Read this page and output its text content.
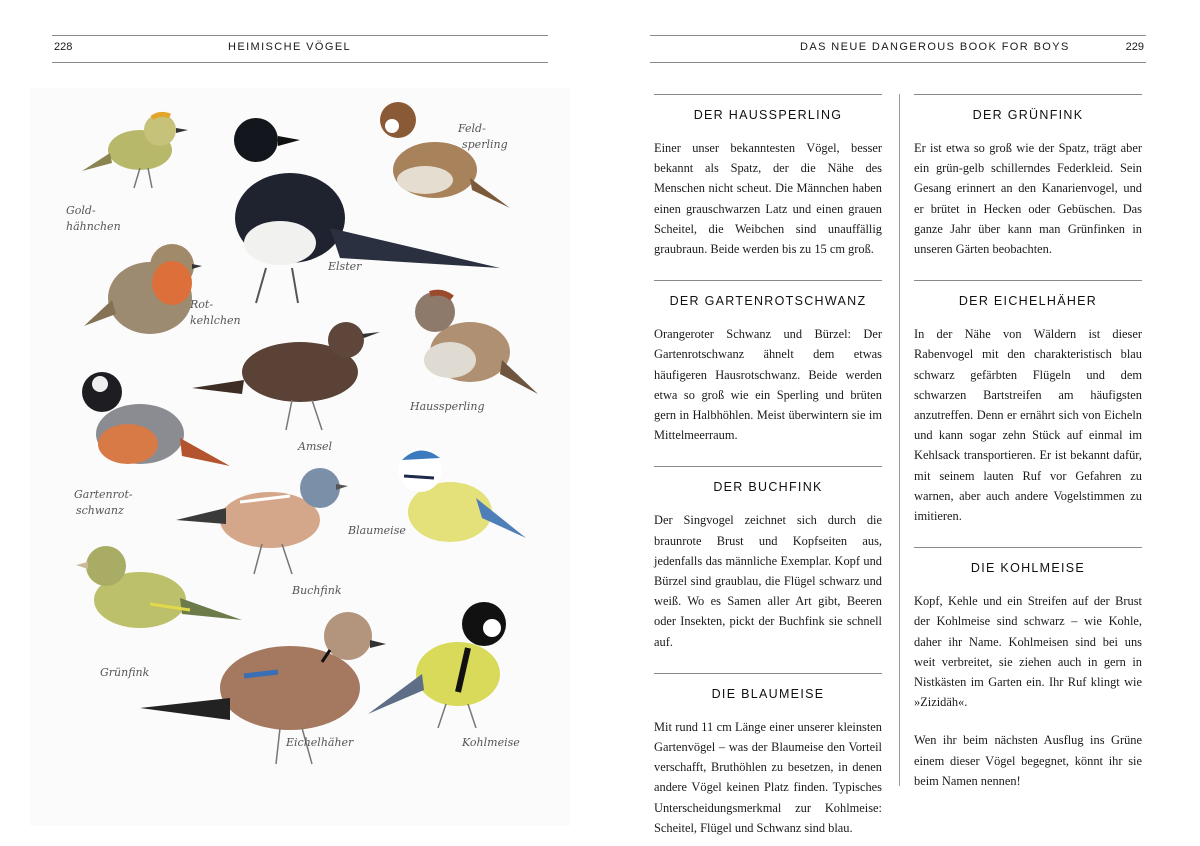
228	HEIMISCHE VÖGEL
Elster
Feld-
sperling
Gold-
hähnchen
Rot-
kehlchen
Amsel
Haussperling
Gartenrot-
schwanz
Buchfink
Blaumeise
Grünfink
Eichelhäher	Kohlmeise
DAS NEUE DANGEROUS BOOK FOR BOYS	229
DER HAUSSPERLING

Einer unser bekanntesten Vögel, besser bekannt als Spatz, der die Nähe des Menschen nicht scheut. Die Männchen haben einen grauschwarzen Latz und einen grauen Scheitel, die Weibchen sind unauffällig graubraun. Beide werden bis zu 15 cm groß.

DER GARTENROTSCHWANZ

Orangeroter Schwanz und Bürzel: Der Gartenrotschwanz ähnelt dem etwas häufigeren Hausrotschwanz. Beide werden etwa so groß wie ein Sperling und brüten gern in Halbhöhlen. Meist überwintern sie im Mittelmeerraum.

DER BUCHFINK

Der Singvogel zeichnet sich durch die braunrote Brust und Kopfseiten aus, jedenfalls das männliche Exemplar. Kopf und Bürzel sind graublau, die Flügel schwarz und weiß. Wo es Samen aller Art gibt, Beeren oder Insekten, pickt der Buchfink sie schnell auf.

DIE BLAUMEISE

Mit rund 11 cm Länge einer unserer kleinsten Gartenvögel – was der Blaumeise den Vorteil verschafft, Bruthöhlen zu besetzen, in denen andere Vögel keinen Platz finden. Typisches Unterscheidungsmerkmal zur Kohlmeise: Scheitel, Flügel und Schwanz sind blau.

DER GRÜNFINK

Er ist etwa so groß wie der Spatz, trägt aber ein grün-gelb schillerndes Federkleid. Sein Gesang erinnert an den Kanarienvogel, und er brütet in Hecken oder Gebüschen. Das ganze Jahr über kann man Grünfinken in unseren Gärten beobachten.

DER EICHELHÄHER

In der Nähe von Wäldern ist dieser Rabenvogel mit den charakteristisch blau schwarz gefärbten Flügeln und dem schwarzen Bartstreifen am häufigsten anzutreffen. Denn er ernährt sich von Eicheln und kann sogar zehn Stück auf einmal im Kehlsack transportieren. Er ist bekannt dafür, mit seinem lauten Ruf vor Gefahren zu warnen, aber auch andere Vogelstimmen zu imitieren.

DIE KOHLMEISE

Kopf, Kehle und ein Streifen auf der Brust der Kohlmeise sind schwarz – wie Kohle, daher ihr Name. Kohlmeisen sind bei uns weit verbreitet, sie ziehen auch in gern in Nistkästen im Garten ein. Ihr Ruf klingt wie »Zizidäh«.

Wen ihr beim nächsten Ausflug ins Grüne einem dieser Vögel begegnet, könnt ihr sie beim Namen nennen!
